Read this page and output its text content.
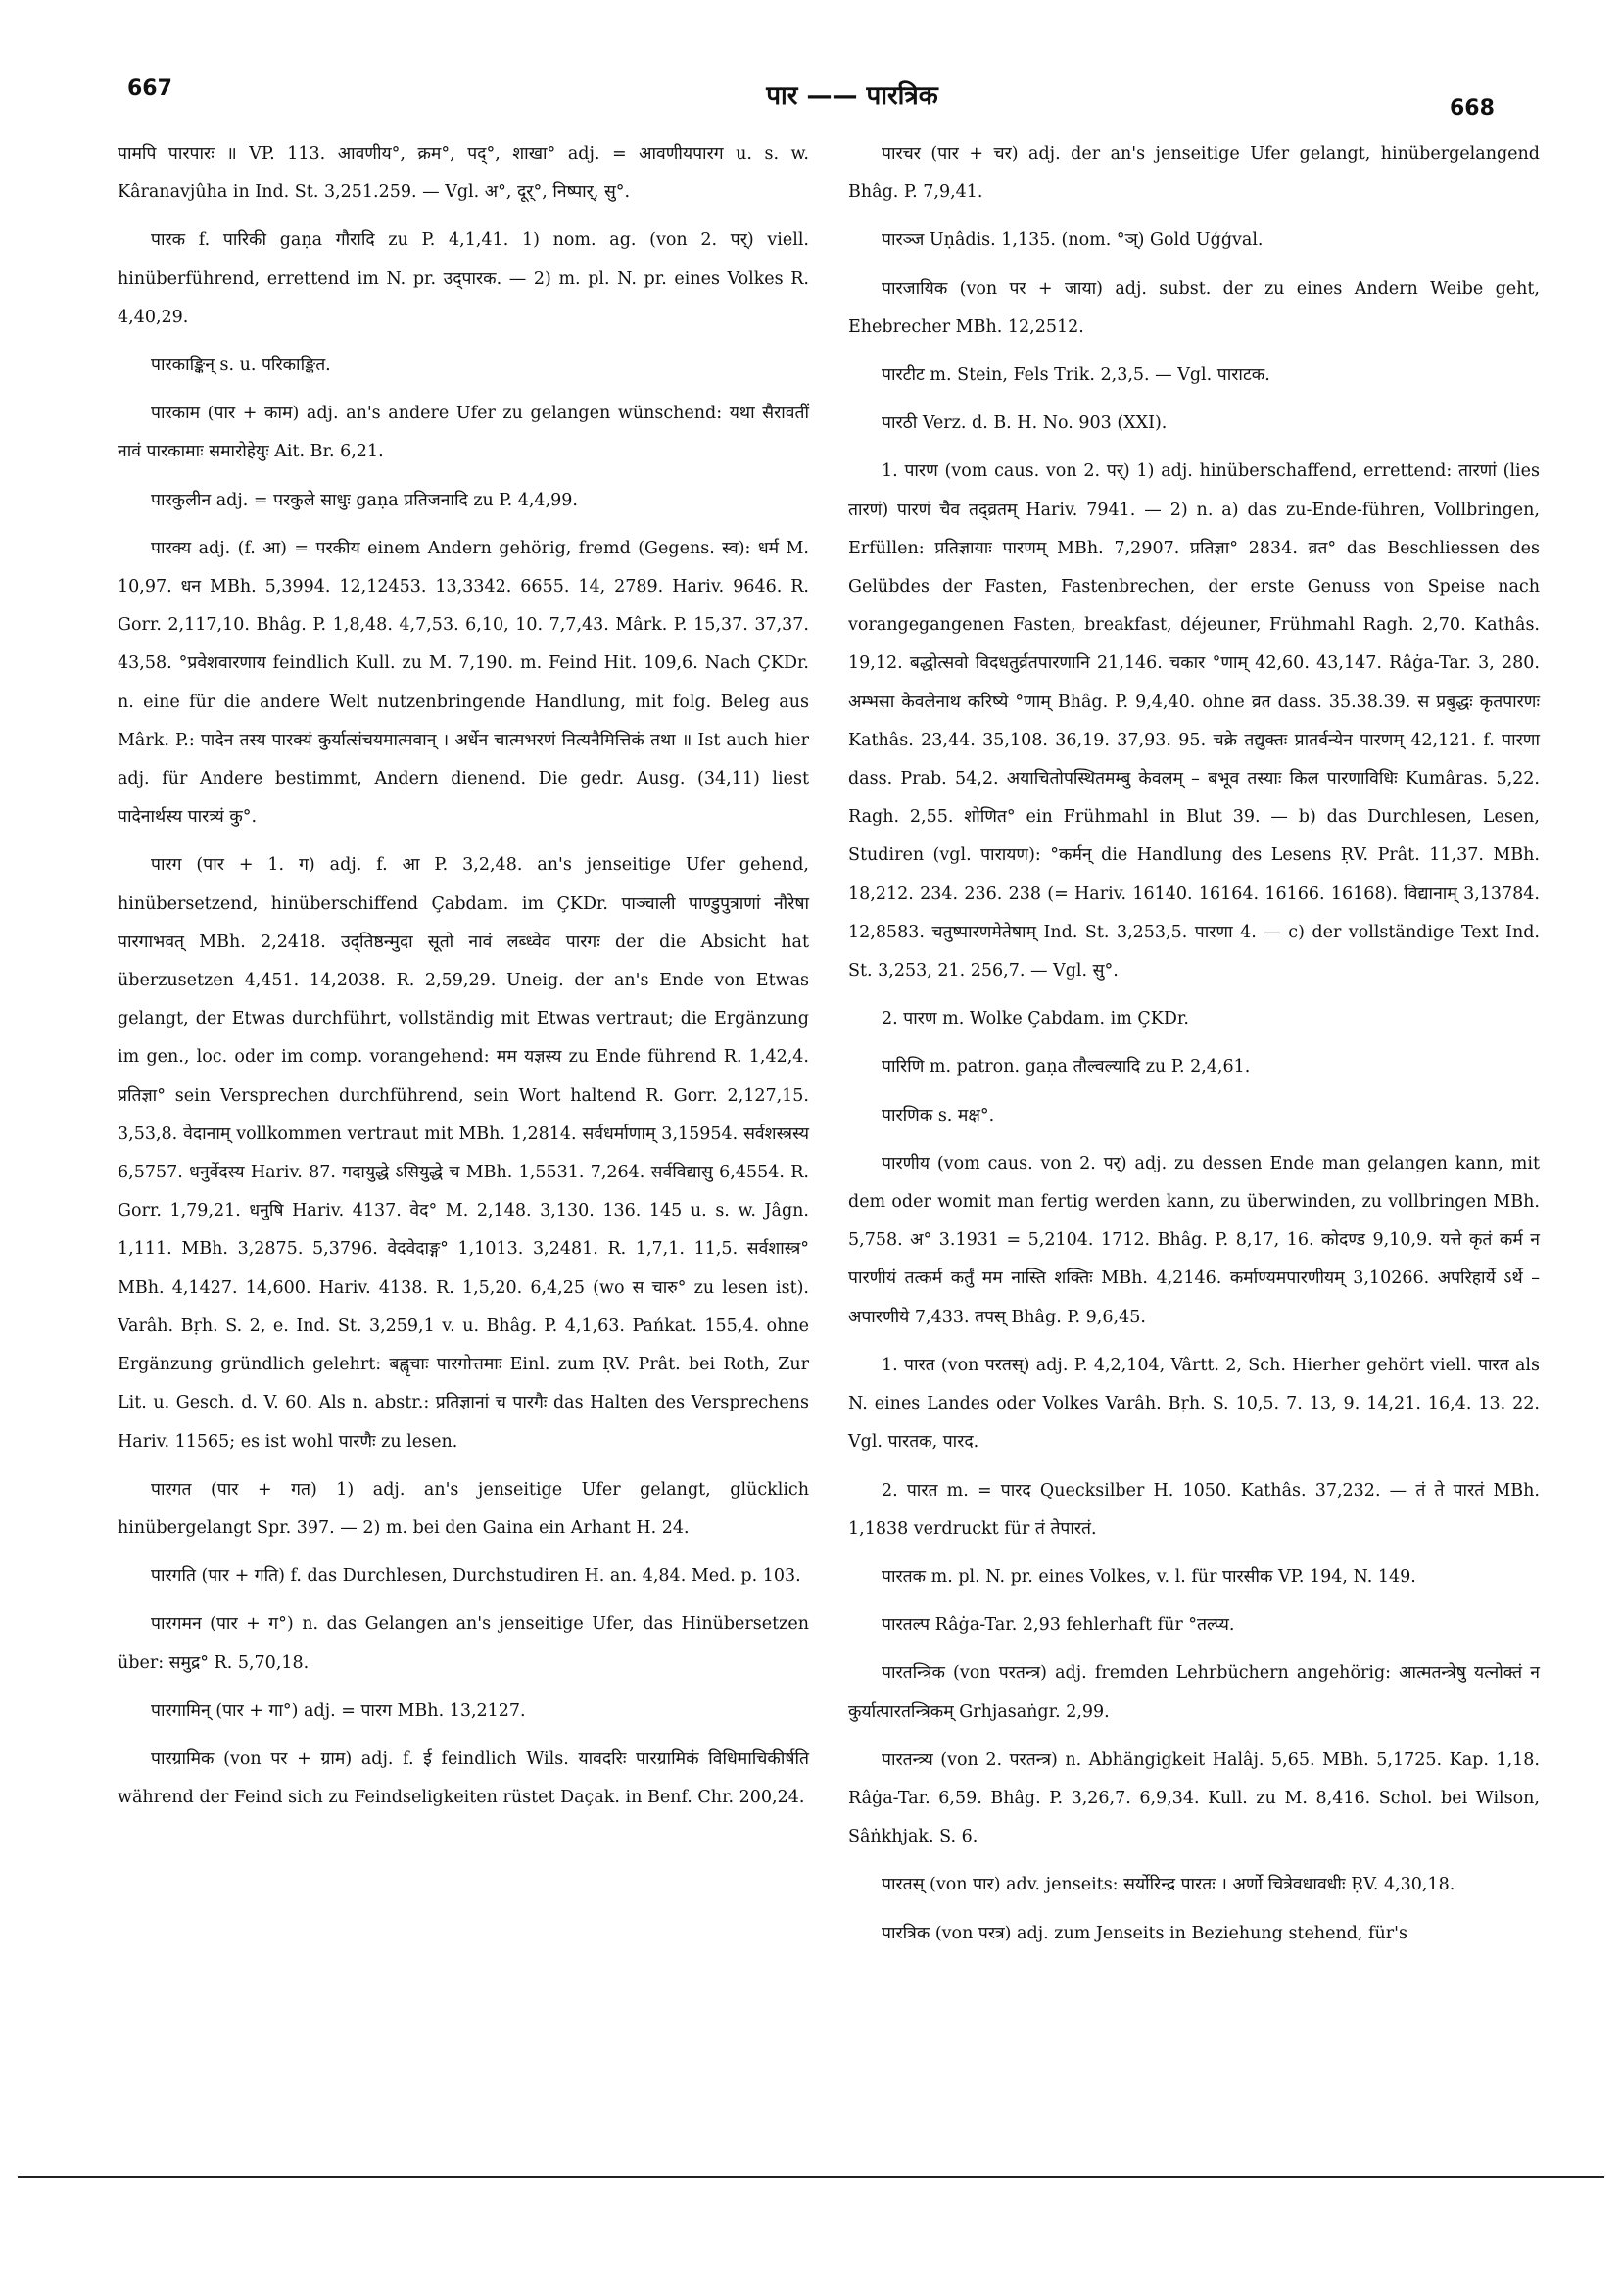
667	पार —— पारत्रिक	668

पामपि पारपारः ॥ VP. 113. आवणीय°, क्रम°, पद्°, शाखा° adj. = आवणीयपारग u. s. w. Kâranavjûha in Ind. St. 3,251.259. — Vgl. अ°, दूर्°, निष्पार्, सु°.

पारक f. पारिकी gaṇa गौरादि zu P. 4,1,41. 1) nom. ag. (von 2. पर्) viell. hinüberführend, errettend im N. pr. उद्पारक. — 2) m. pl. N. pr. eines Volkes R. 4,40,29.

पारकाङ्किन् s. u. परिकाङ्कित.

पारकाम (पार + काम) adj. an's andere Ufer zu gelangen wünschend: यथा सैरावतीं नावं पारकामाः समारोहेयुः Ait. Br. 6,21.

पारकुलीन adj. = परकुले साधुः gaṇa प्रतिजनादि zu P. 4,4,99.

पारक्य adj. (f. आ) = परकीय einem Andern gehörig, fremd (Gegens. स्व): धर्म M. 10,97. धन MBh. 5,3994. 12,12453. 13,3342. 6655. 14, 2789. Hariv. 9646. R. Gorr. 2,117,10. Bhâg. P. 1,8,48. 4,7,53. 6,10, 10. 7,7,43. Mârk. P. 15,37. 37,37. 43,58. °प्रवेशवारणाय feindlich Kull. zu M. 7,190. m. Feind Hit. 109,6. Nach ÇKDr. n. eine für die andere Welt nutzenbringende Handlung, mit folg. Beleg aus Mârk. P.: पादेन तस्य पारक्यं कुर्यात्संचयमात्मवान् । अर्धेन चात्मभरणं नित्यनैमित्तिकं तथा ॥ Ist auch hier adj. für Andere bestimmt, Andern dienend. Die gedr. Ausg. (34,11) liest पादेनार्थस्य पारत्र्यं कु°.

पारग (पार + 1. ग) adj. f. आ P. 3,2,48. an's jenseitige Ufer gehend, hinübersetzend, hinüberschiffend Çabdam. im ÇKDr. पाञ्चाली पाण्डुपुत्राणां नौरेषा पारगाभवत् MBh. 2,2418. उद्तिष्ठन्मुदा सूतो नावं लब्ध्वेव पारगः der die Absicht hat überzusetzen 4,451. 14,2038. R. 2,59,29. Uneig. der an's Ende von Etwas gelangt, der Etwas durchführt, vollständig mit Etwas vertraut; die Ergänzung im gen., loc. oder im comp. vorangehend: मम यज्ञस्य zu Ende führend R. 1,42,4. प्रतिज्ञा° sein Versprechen durchführend, sein Wort haltend R. Gorr. 2,127,15. 3,53,8. वेदानाम् vollkommen vertraut mit MBh. 1,2814. सर्वधर्माणाम् 3,15954. सर्वशस्त्रस्य 6,5757. धनुर्वेदस्य Hariv. 87. गदायुद्धे ऽसियुद्धे च MBh. 1,5531. 7,264. सर्वविद्यासु 6,4554. R. Gorr. 1,79,21. धनुषि Hariv. 4137. वेद° M. 2,148. 3,130. 136. 145 u. s. w. Jâgn. 1,111. MBh. 3,2875. 5,3796. वेदवेदाङ्ग° 1,1013. 3,2481. R. 1,7,1. 11,5. सर्वशास्त्र° MBh. 4,1427. 14,600. Hariv. 4138. R. 1,5,20. 6,4,25 (wo स चारु° zu lesen ist). Varâh. Bṛh. S. 2, e. Ind. St. 3,259,1 v. u. Bhâg. P. 4,1,63. Pańkat. 155,4. ohne Ergänzung gründlich gelehrt: बह्वृचाः पारगोत्तमाः Einl. zum ṚV. Prât. bei Roth, Zur Lit. u. Gesch. d. V. 60. Als n. abstr.: प्रतिज्ञानां च पारगैः das Halten des Versprechens Hariv. 11565; es ist wohl पारणैः zu lesen.

पारगत (पार + गत) 1) adj. an's jenseitige Ufer gelangt, glücklich hinübergelangt Spr. 397. — 2) m. bei den Gaina ein Arhant H. 24.

पारगति (पार + गति) f. das Durchlesen, Durchstudiren H. an. 4,84. Med. p. 103.

पारगमन (पार + ग°) n. das Gelangen an's jenseitige Ufer, das Hinübersetzen über: समुद्र° R. 5,70,18.

पारगामिन् (पार + गा°) adj. = पारग MBh. 13,2127.

पारग्रामिक (von पर + ग्राम) adj. f. ई feindlich Wils. यावदरिः पारग्रामिकं विधिमाचिकीर्षति während der Feind sich zu Feindseligkeiten rüstet Daçak. in Benf. Chr. 200,24.

पारचर (पार + चर) adj. der an's jenseitige Ufer gelangt, hinübergelangend Bhâg. P. 7,9,41.

पारञ्ज Uṇâdis. 1,135. (nom. °ञ्) Gold Uģģval.

पारजायिक (von पर + जाया) adj. subst. der zu eines Andern Weibe geht, Ehebrecher MBh. 12,2512.

पारटीट m. Stein, Fels Trik. 2,3,5. — Vgl. पाराटक.

पारठी Verz. d. B. H. No. 903 (XXI).

1. पारण (vom caus. von 2. पर्) 1) adj. hinüberschaffend, errettend: तारणां (lies तारणं) पारणं चैव तद्व्रतम् Hariv. 7941. — 2) n. a) das zu-Ende-führen, Vollbringen, Erfüllen: प्रतिज्ञायाः पारणम् MBh. 7,2907. प्रतिज्ञा° 2834. व्रत° das Beschliessen des Gelübdes der Fasten, Fastenbrechen, der erste Genuss von Speise nach vorangegangenen Fasten, breakfast, déjeuner, Frühmahl Ragh. 2,70. Kathâs. 19,12. बद्धोत्सवो विदधतुर्व्रतपारणानि 21,146. चकार °णाम् 42,60. 43,147. Râġa-Tar. 3, 280. अम्भसा केवलेनाथ करिष्ये °णाम् Bhâg. P. 9,4,40. ohne व्रत dass. 35.38.39. स प्रबुद्धः कृतपारणः Kathâs. 23,44. 35,108. 36,19. 37,93. 95. चक्रे तद्युक्तः प्रातर्वन्येन पारणम् 42,121. f. पारणा dass. Prab. 54,2. अयाचितोपस्थितमम्बु केवलम् – बभूव तस्याः किल पारणाविधिः Kumâras. 5,22. Ragh. 2,55. शोणित° ein Frühmahl in Blut 39. — b) das Durchlesen, Lesen, Studiren (vgl. पारायण): °कर्मन् die Handlung des Lesens ṚV. Prât. 11,37. MBh. 18,212. 234. 236. 238 (= Hariv. 16140. 16164. 16166. 16168). विद्यानाम् 3,13784. 12,8583. चतुष्पारणमेतेषाम् Ind. St. 3,253,5. पारणा 4. — c) der vollständige Text Ind. St. 3,253, 21. 256,7. — Vgl. सु°.

2. पारण m. Wolke Çabdam. im ÇKDr.

पारिणि m. patron. gaṇa तौल्वल्यादि zu P. 2,4,61.

पारणिक s. मक्ष°.

पारणीय (vom caus. von 2. पर्) adj. zu dessen Ende man gelangen kann, mit dem oder womit man fertig werden kann, zu überwinden, zu vollbringen MBh. 5,758. अ° 3.1931 = 5,2104. 1712. Bhâg. P. 8,17, 16. कोदण्ड 9,10,9. यत्ते कृतं कर्म न पारणीयं तत्कर्म कर्तुं मम नास्ति शक्तिः MBh. 4,2146. कर्माण्यमपारणीयम् 3,10266. अपरिहार्ये ऽर्थे – अपारणीये 7,433. तपस् Bhâg. P. 9,6,45.

1. पारत (von परतस्) adj. P. 4,2,104, Vârtt. 2, Sch. Hierher gehört viell. पारत als N. eines Landes oder Volkes Varâh. Bṛh. S. 10,5. 7. 13, 9. 14,21. 16,4. 13. 22. Vgl. पारतक, पारद.

2. पारत m. = पारद Quecksilber H. 1050. Kathâs. 37,232. — तं ते पारतं MBh. 1,1838 verdruckt für तं तेपारतं.

पारतक m. pl. N. pr. eines Volkes, v. l. für पारसीक VP. 194, N. 149.

पारतल्प Râġa-Tar. 2,93 fehlerhaft für °तल्प्य.

पारतन्त्रिक (von परतन्त्र) adj. fremden Lehrbüchern angehörig: आत्मतन्त्रेषु यत्नोक्तं न कुर्यात्पारतन्त्रिकम् Grhjasaṅgr. 2,99.

पारतन्त्र्य (von 2. परतन्त्र) n. Abhängigkeit Halâj. 5,65. MBh. 5,1725. Kap. 1,18. Râġa-Tar. 6,59. Bhâg. P. 3,26,7. 6,9,34. Kull. zu M. 8,416. Schol. bei Wilson, Sâṅkhjak. S. 6.

पारतस् (von पार) adv. jenseits: सर्योरिन्द्र पारतः । अर्णो चित्रेवधावधीः ṚV. 4,30,18.

पारत्रिक (von परत्र) adj. zum Jenseits in Beziehung stehend, für's
